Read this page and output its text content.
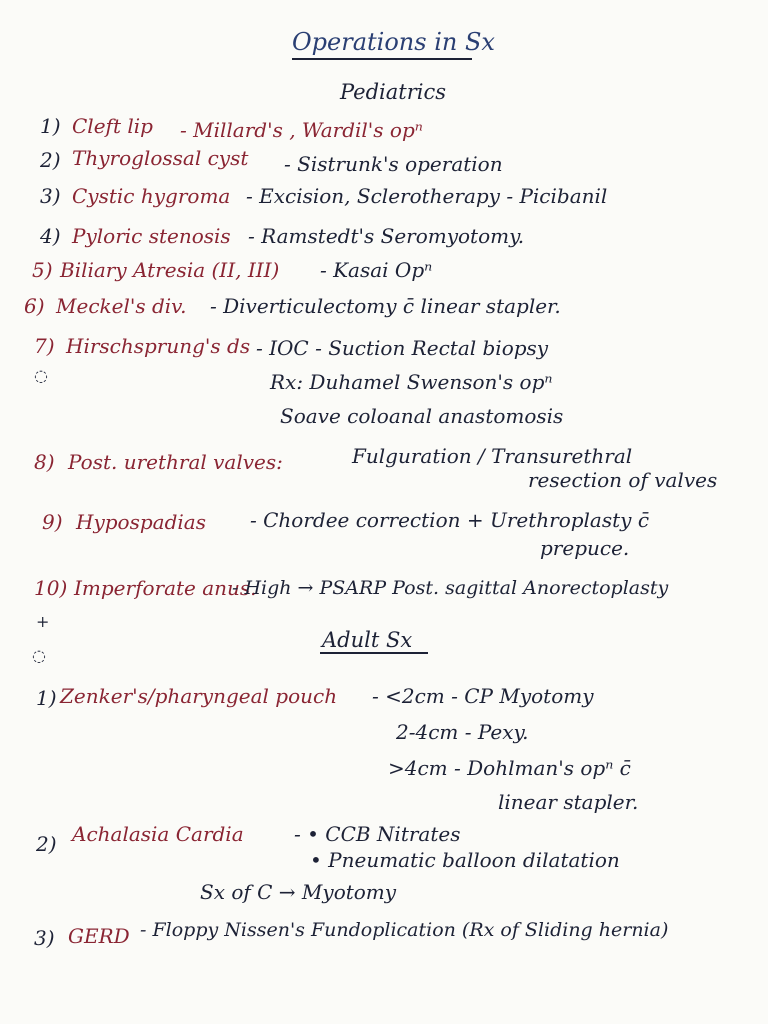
Operations in Sx
Pediatrics
1) Cleft lip - Millard's , Wardil's opⁿ
2) Thyroglossal cyst - Sistrunk's operation
3) Cystic hygroma - Excision, Sclerotherapy - Picibanil
4) Pyloric stenosis - Ramstedt's Seromyotomy.
5) Biliary Atresia (II, III) - Kasai Opⁿ
6) Meckel's div. - Diverticulectomy c̄ linear stapler.
7) Hirschsprung's ds - IOC - Suction Rectal biopsy
◌	Rx: Duhamel Swenson's opⁿ
Soave coloanal anastomosis
8) Post. urethral valves:	Fulguration / Transurethral
resection of valves
9) Hypospadias - Chordee correction + Urethroplasty c̄
prepuce.
10) Imperforate anus.
- High → PSARP Post. sagittal Anorectoplasty
+
Adult Sx
◌
1) Zenker's/pharyngeal pouch - <2cm - CP Myotomy
2-4cm - Pexy.
>4cm - Dohlman's opⁿ c̄
linear stapler.
2) Achalasia Cardia	- • CCB Nitrates
• Pneumatic balloon dilatation
Sx of C → Myotomy
3) GERD - Floppy Nissen's Fundoplication (Rx of Sliding hernia)
